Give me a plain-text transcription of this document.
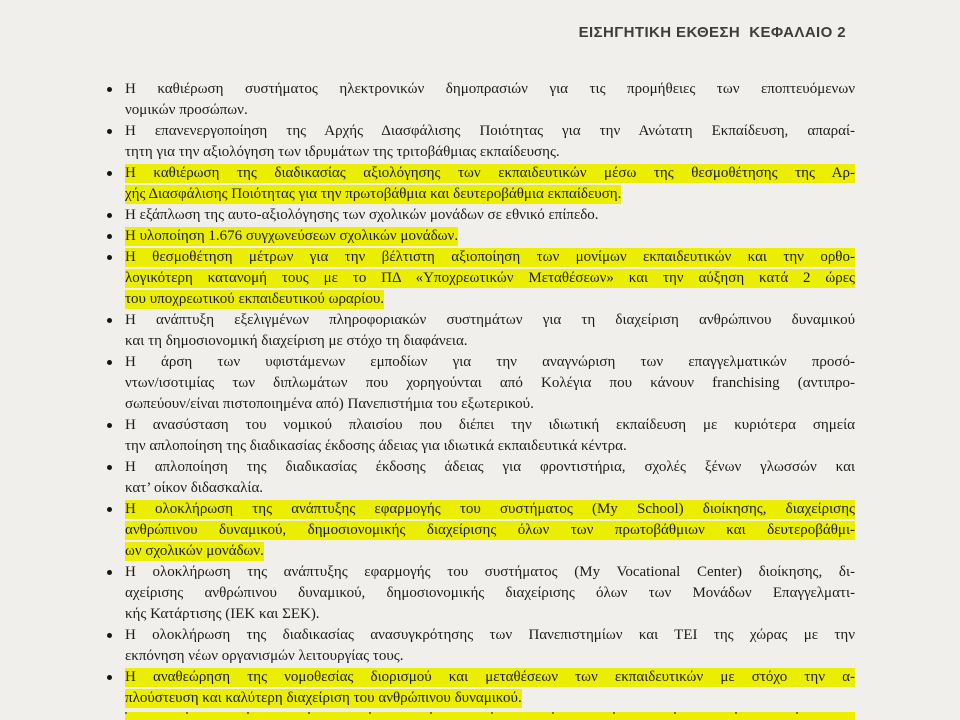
ΕΙΣΗΓΗΤΙΚΗ ΕΚΘΕΣΗ  ΚΕΦΑΛΑΙΟ 2
Η καθιέρωση συστήματος ηλεκτρονικών δημοπρασιών για τις προμήθειες των εποπτευόμενων
νομικών προσώπων.
Η επανενεργοποίηση της Αρχής Διασφάλισης Ποιότητας για την Ανώτατη Εκπαίδευση, απαραί-
τητη για την αξιολόγηση των ιδρυμάτων της τριτοβάθμιας εκπαίδευσης.
Η καθιέρωση της διαδικασίας αξιολόγησης των εκπαιδευτικών μέσω της θεσμοθέτησης της Αρ-
χής Διασφάλισης Ποιότητας για την πρωτοβάθμια και δευτεροβάθμια εκπαίδευση.
Η εξάπλωση της αυτο-αξιολόγησης των σχολικών μονάδων σε εθνικό επίπεδο.
Η υλοποίηση 1.676 συγχωνεύσεων σχολικών μονάδων.
Η θεσμοθέτηση μέτρων για την βέλτιστη αξιοποίηση των μονίμων εκπαιδευτικών και την ορθο-
λογικότερη κατανομή τους με το ΠΔ «Υποχρεωτικών Μεταθέσεων» και την αύξηση κατά 2 ώρες
του υποχρεωτικού εκπαιδευτικού ωραρίου.
Η ανάπτυξη εξελιγμένων πληροφοριακών συστημάτων για τη διαχείριση ανθρώπινου δυναμικού
και τη δημοσιονομική διαχείριση με στόχο τη διαφάνεια.
Η άρση των υφιστάμενων εμποδίων για την αναγνώριση των επαγγελματικών προσό-
ντων/ισοτιμίας των διπλωμάτων που χορηγούνται από Κολέγια που κάνουν franchising (αντιπρο-
σωπεύουν/είναι πιστοποιημένα από) Πανεπιστήμια του εξωτερικού.
Η ανασύσταση του νομικού πλαισίου που διέπει την ιδιωτική εκπαίδευση με κυριότερα σημεία
την απλοποίηση της διαδικασίας έκδοσης άδειας για ιδιωτικά εκπαιδευτικά κέντρα.
Η απλοποίηση της διαδικασίας έκδοσης άδειας για φροντιστήρια, σχολές ξένων γλωσσών και
κατ’ οίκον διδασκαλία.
Η ολοκλήρωση της ανάπτυξης εφαρμογής του συστήματος (My School) διοίκησης, διαχείρισης
ανθρώπινου δυναμικού, δημοσιονομικής διαχείρισης όλων των πρωτοβάθμιων και δευτεροβάθμι-
ων σχολικών μονάδων.
Η ολοκλήρωση της ανάπτυξης εφαρμογής του συστήματος (My Vocational Center) διοίκησης, δι-
αχείρισης ανθρώπινου δυναμικού, δημοσιονομικής διαχείρισης όλων των Μονάδων Επαγγελματι-
κής Κατάρτισης (ΙΕΚ και ΣΕΚ).
Η ολοκλήρωση της διαδικασίας ανασυγκρότησης των Πανεπιστημίων και ΤΕΙ της χώρας με την
εκπόνηση νέων οργανισμών λειτουργίας τους.
Η αναθεώρηση της νομοθεσίας διορισμού και μεταθέσεων των εκπαιδευτικών με στόχο την α-
πλούστευση και καλύτερη διαχείριση του ανθρώπινου δυναμικού.
